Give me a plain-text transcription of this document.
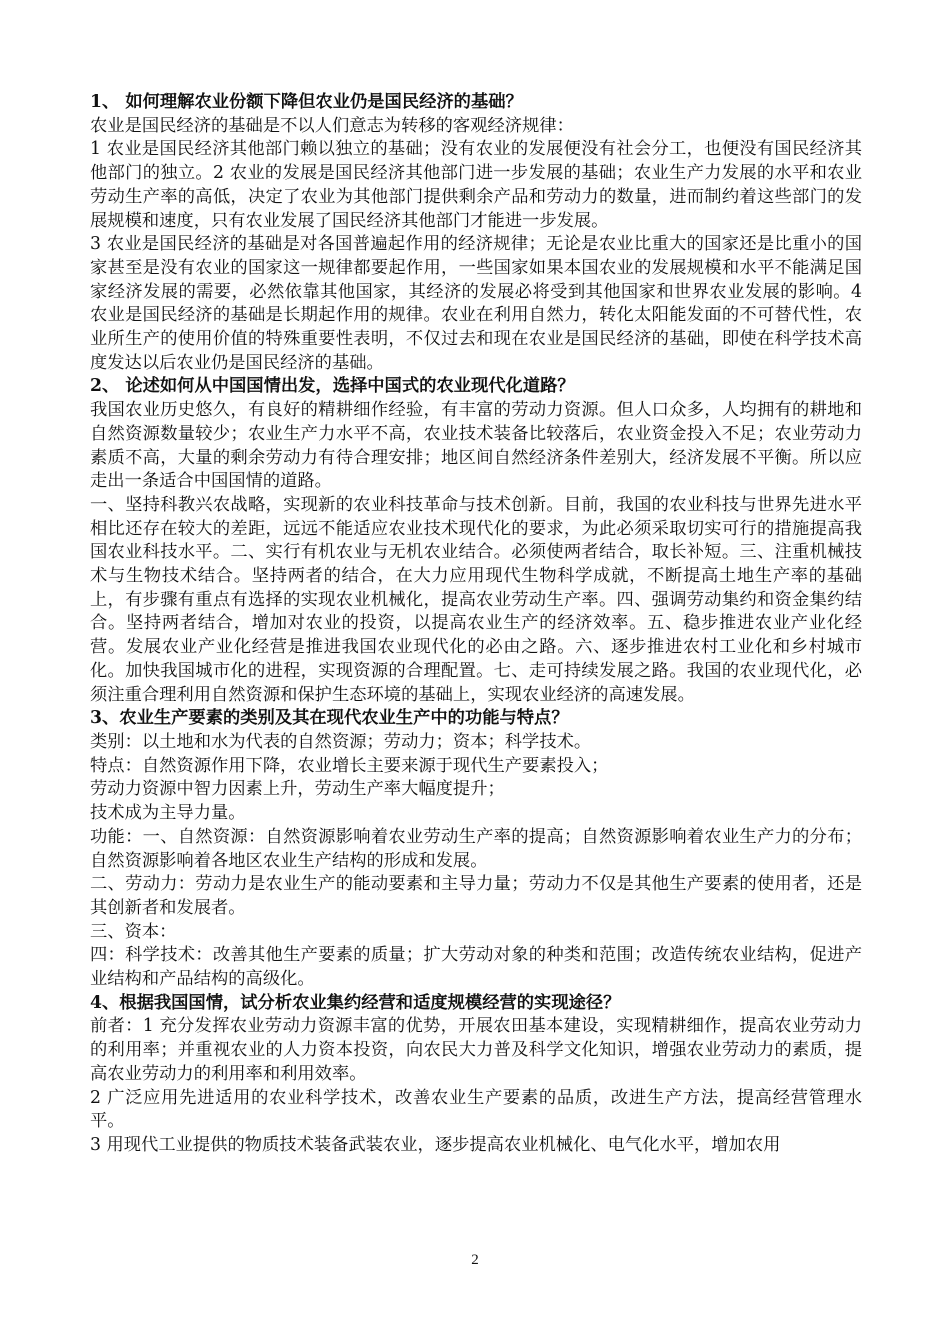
1、 如何理解农业份额下降但农业仍是国民经济的基础？

农业是国民经济的基础是不以人们意志为转移的客观经济规律：

1 农业是国民经济其他部门赖以独立的基础；没有农业的发展便没有社会分工，也便没有国民经济其他部门的独立。2 农业的发展是国民经济其他部门进一步发展的基础；农业生产力发展的水平和农业劳动生产率的高低，决定了农业为其他部门提供剩余产品和劳动力的数量，进而制约着这些部门的发展规模和速度，只有农业发展了国民经济其他部门才能进一步发展。

3 农业是国民经济的基础是对各国普遍起作用的经济规律；无论是农业比重大的国家还是比重小的国家甚至是没有农业的国家这一规律都要起作用，一些国家如果本国农业的发展规模和水平不能满足国家经济发展的需要，必然依靠其他国家，其经济的发展必将受到其他国家和世界农业发展的影响。4 农业是国民经济的基础是长期起作用的规律。农业在利用自然力，转化太阳能发面的不可替代性，农业所生产的使用价值的特殊重要性表明，不仅过去和现在农业是国民经济的基础，即使在科学技术高度发达以后农业仍是国民经济的基础。

2、 论述如何从中国国情出发，选择中国式的农业现代化道路？

我国农业历史悠久，有良好的精耕细作经验，有丰富的劳动力资源。但人口众多，人均拥有的耕地和自然资源数量较少；农业生产力水平不高，农业技术装备比较落后，农业资金投入不足；农业劳动力素质不高，大量的剩余劳动力有待合理安排；地区间自然经济条件差别大，经济发展不平衡。所以应走出一条适合中国国情的道路。

一、坚持科教兴农战略，实现新的农业科技革命与技术创新。目前，我国的农业科技与世界先进水平相比还存在较大的差距，远远不能适应农业技术现代化的要求，为此必须采取切实可行的措施提高我国农业科技水平。二、实行有机农业与无机农业结合。必须使两者结合，取长补短。三、注重机械技术与生物技术结合。坚持两者的结合，在大力应用现代生物科学成就，不断提高土地生产率的基础上，有步骤有重点有选择的实现农业机械化，提高农业劳动生产率。四、强调劳动集约和资金集约结合。坚持两者结合，增加对农业的投资，以提高农业生产的经济效率。五、稳步推进农业产业化经营。发展农业产业化经营是推进我国农业现代化的必由之路。六、逐步推进农村工业化和乡村城市化。加快我国城市化的进程，实现资源的合理配置。七、走可持续发展之路。我国的农业现代化，必须注重合理利用自然资源和保护生态环境的基础上，实现农业经济的高速发展。

3、农业生产要素的类别及其在现代农业生产中的功能与特点？

类别：以土地和水为代表的自然资源；劳动力；资本；科学技术。

特点：自然资源作用下降，农业增长主要来源于现代生产要素投入；

劳动力资源中智力因素上升，劳动生产率大幅度提升；

技术成为主导力量。

功能：一、自然资源：自然资源影响着农业劳动生产率的提高；自然资源影响着农业生产力的分布；自然资源影响着各地区农业生产结构的形成和发展。

二、劳动力：劳动力是农业生产的能动要素和主导力量；劳动力不仅是其他生产要素的使用者，还是其创新者和发展者。

三、资本：

四：科学技术：改善其他生产要素的质量；扩大劳动对象的种类和范围；改造传统农业结构，促进产业结构和产品结构的高级化。

4、根据我国国情，试分析农业集约经营和适度规模经营的实现途径？

前者：1 充分发挥农业劳动力资源丰富的优势，开展农田基本建设，实现精耕细作，提高农业劳动力的利用率；并重视农业的人力资本投资，向农民大力普及科学文化知识，增强农业劳动力的素质，提高农业劳动力的利用率和利用效率。

2 广泛应用先进适用的农业科学技术，改善农业生产要素的品质，改进生产方法，提高经营管理水平。

3 用现代工业提供的物质技术装备武装农业，逐步提高农业机械化、电气化水平，增加农用

2
